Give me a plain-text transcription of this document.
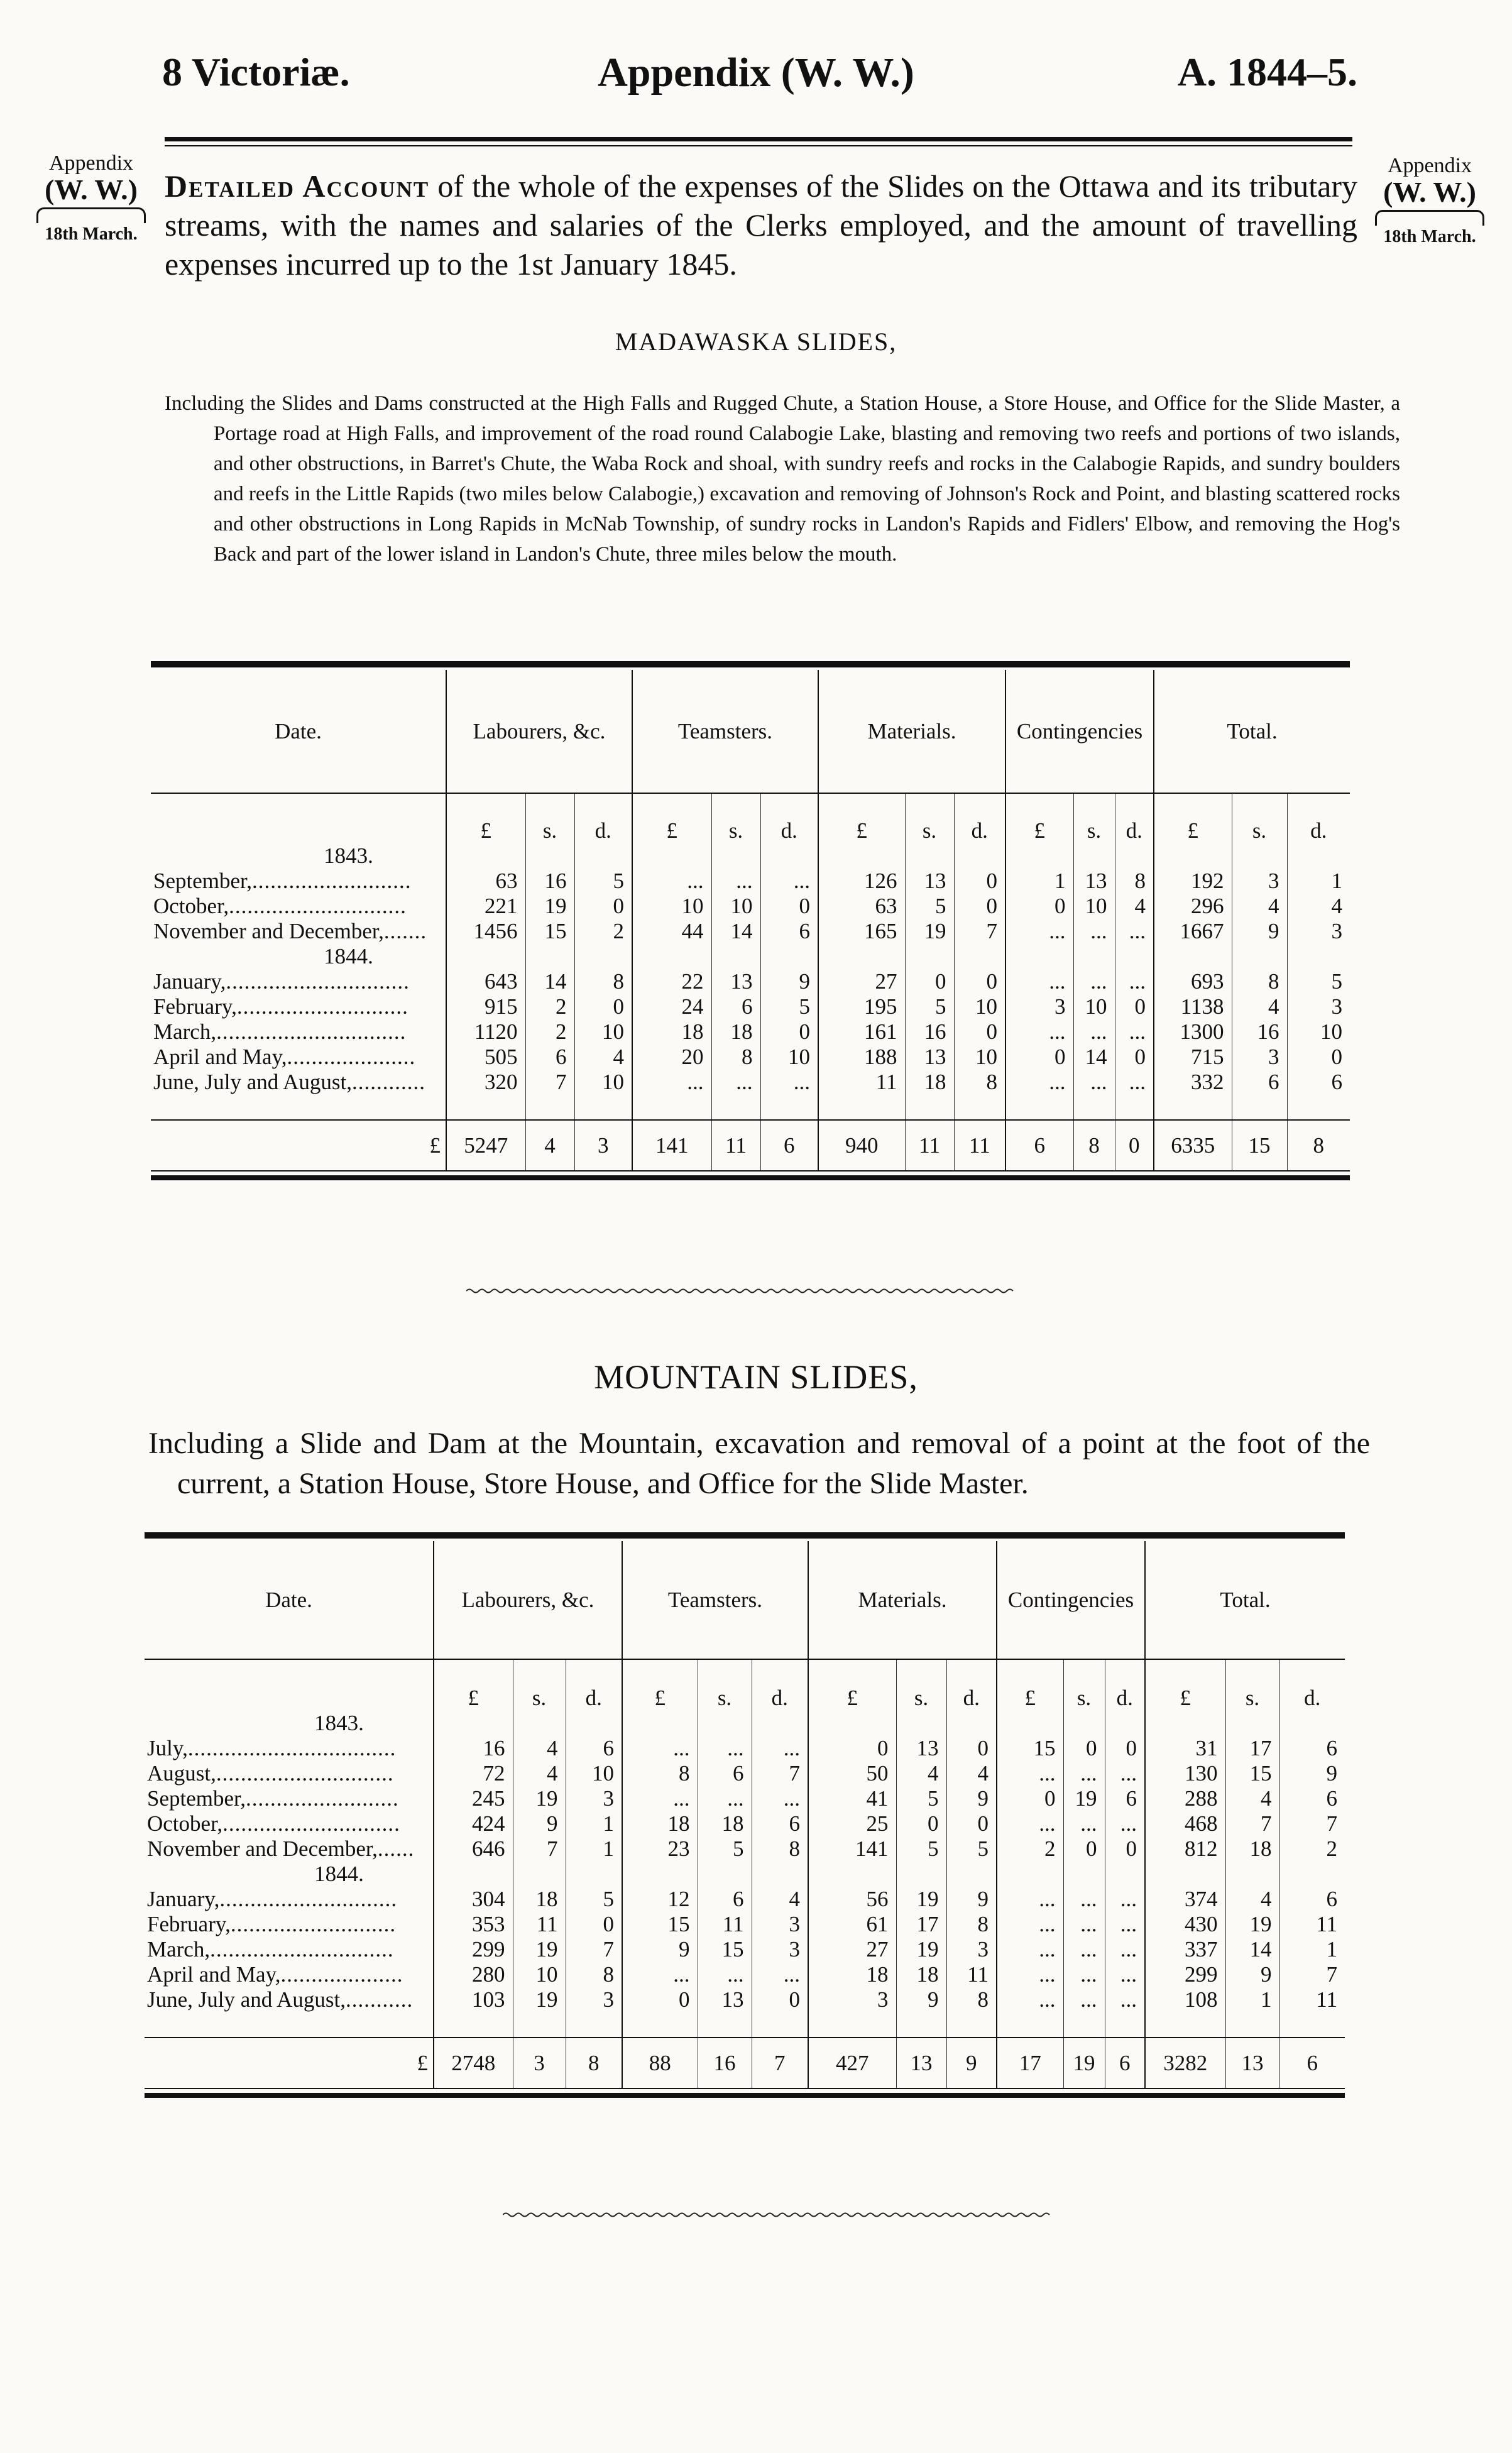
Appendix (W. W.)
8 Victoriæ.	A. 1844–5.
Appendix
(W. W.)
18th March.
Appendix
(W. W.)
18th March.
Detailed Account of the whole of the expenses of the Slides on the Ottawa and its tributary streams, with the names and salaries of the Clerks employed, and the amount of travelling expenses incurred up to the 1st January 1845.
MADAWASKA SLIDES,
Including the Slides and Dams constructed at the High Falls and Rugged Chute, a Station House, a Store House, and Office for the Slide Master, a Portage road at High Falls, and improvement of the road round Calabogie Lake, blasting and removing two reefs and portions of two islands, and other obstructions, in Barret's Chute, the Waba Rock and shoal, with sundry reefs and rocks in the Calabogie Rapids, and sundry boulders and reefs in the Little Rapids (two miles below Calabogie,) excavation and removing of Johnson's Rock and Point, and blasting scattered rocks and other obstructions in Long Rapids in McNab Township, of sundry rocks in Landon's Rapids and Fidlers' Elbow, and removing the Hog's Back and part of the lower island in Landon's Chute, three miles below the mouth.

Date.	Labourers, &c.			Teamsters.			Materials.			Contingencies			Total.		
	£	s.	d.	£	s.	d.	£	s.	d.	£	s.	d.	£	s.	d.
1843.															
September,..........................	63	16	5	...	...	...	126	13	0	1	13	8	192	3	1
October,.............................	221	19	0	10	10	0	63	5	0	0	10	4	296	4	4
November and December,.......	1456	15	2	44	14	6	165	19	7	...	...	...	1667	9	3
1844.															
January,..............................	643	14	8	22	13	9	27	0	0	...	...	...	693	8	5
February,............................	915	2	0	24	6	5	195	5	10	3	10	0	1138	4	3
March,...............................	1120	2	10	18	18	0	161	16	0	...	...	...	1300	16	10
April and May,.....................	505	6	4	20	8	10	188	13	10	0	14	0	715	3	0
June, July and August,............	320	7	10	...	...	...	11	18	8	...	...	...	332	6	6

£	5247	4	3	141	11	6	940	11	11	6	8	0	6335	15	8

MOUNTAIN SLIDES,
Including a Slide and Dam at the Mountain, excavation and removal of a point at the foot of the current, a Station House, Store House, and Office for the Slide Master.

Date.	Labourers, &c.			Teamsters.			Materials.			Contingencies			Total.		
	£	s.	d.	£	s.	d.	£	s.	d.	£	s.	d.	£	s.	d.
1843.															
July,..................................	16	4	6	...	...	...	0	13	0	15	0	0	31	17	6
August,.............................	72	4	10	8	6	7	50	4	4	...	...	...	130	15	9
September,.........................	245	19	3	...	...	...	41	5	9	0	19	6	288	4	6
October,.............................	424	9	1	18	18	6	25	0	0	...	...	...	468	7	7
November and December,......	646	7	1	23	5	8	141	5	5	2	0	0	812	18	2
1844.															
January,.............................	304	18	5	12	6	4	56	19	9	...	...	...	374	4	6
February,...........................	353	11	0	15	11	3	61	17	8	...	...	...	430	19	11
March,..............................	299	19	7	9	15	3	27	19	3	...	...	...	337	14	1
April and May,....................	280	10	8	...	...	...	18	18	11	...	...	...	299	9	7
June, July and August,...........	103	19	3	0	13	0	3	9	8	...	...	...	108	1	11

£	2748	3	8	88	16	7	427	13	9	17	19	6	3282	13	6
